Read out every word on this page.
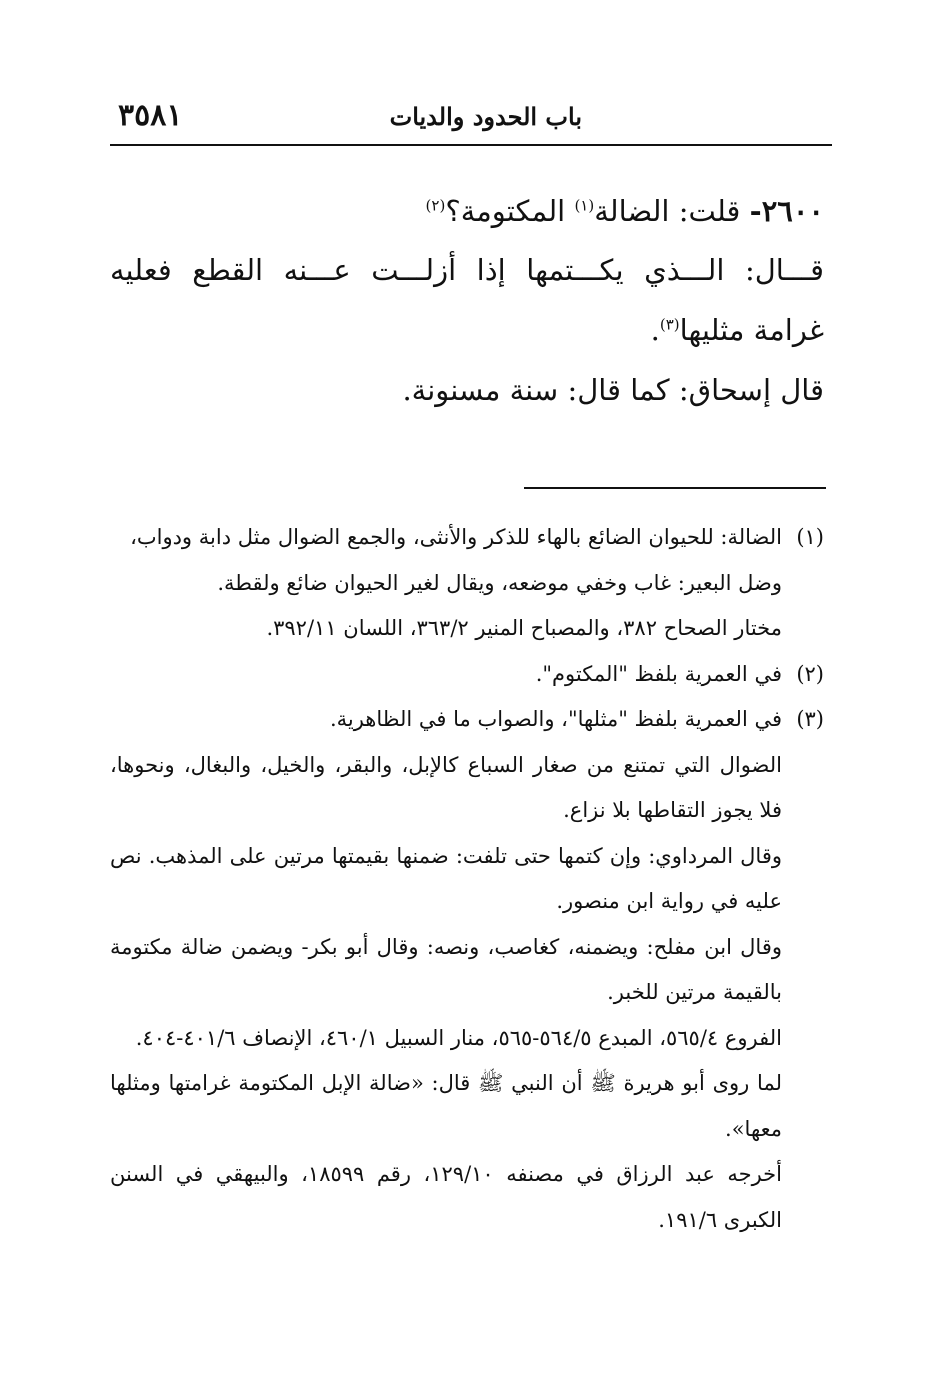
٣٥٨١	باب الحدود والديات
٢٦٠٠- قلت: الضالة$^{(١)}$ المكتومة؟$^{(٢)}$
قـــال: الـــذي يكـــتمها إذا أزلـــت عـــنه القطع فعليه غرامة مثليها$^{(٣)}$.
قال إسحاق: كما قال: سنة مسنونة.

(١)الضالة: للحيوان الضائع بالهاء للذكر والأنثى، والجمع الضوال مثل دابة ودواب،

وضل البعير: غاب وخفي موضعه، ويقال لغير الحيوان ضائع ولقطة.

مختار الصحاح ٣٨٢، والمصباح المنير ٣٦٣/٢، اللسان ٣٩٢/١١.

(٢)في العمرية بلفظ "المكتوم".

(٣)في العمرية بلفظ "مثلها"، والصواب ما في الظاهرية.

الضوال التي تمتنع من صغار السباع كالإبل، والبقر، والخيل، والبغال، ونحوها، فلا يجوز التقاطها بلا نزاع.

وقال المرداوي: وإن كتمها حتى تلفت: ضمنها بقيمتها مرتين على المذهب. نص عليه في رواية ابن منصور.

وقال ابن مفلح: ويضمنه، كغاصب، ونصه: وقال أبو بكر- ويضمن ضالة مكتومة بالقيمة مرتين للخبر.

الفروع ٥٦٥/٤، المبدع ٥٦٤/٥-٥٦٥، منار السبيل ٤٦٠/١، الإنصاف ٤٠١/٦-٤٠٤.

لما روى أبو هريرة ﷺ أن النبي ﷺ قال: «ضالة الإبل المكتومة غرامتها ومثلها معها».

أخرجه عبد الرزاق في مصنفه ١٢٩/١٠، رقم ١٨٥٩٩، والبيهقي في السنن الكبرى ١٩١/٦.
